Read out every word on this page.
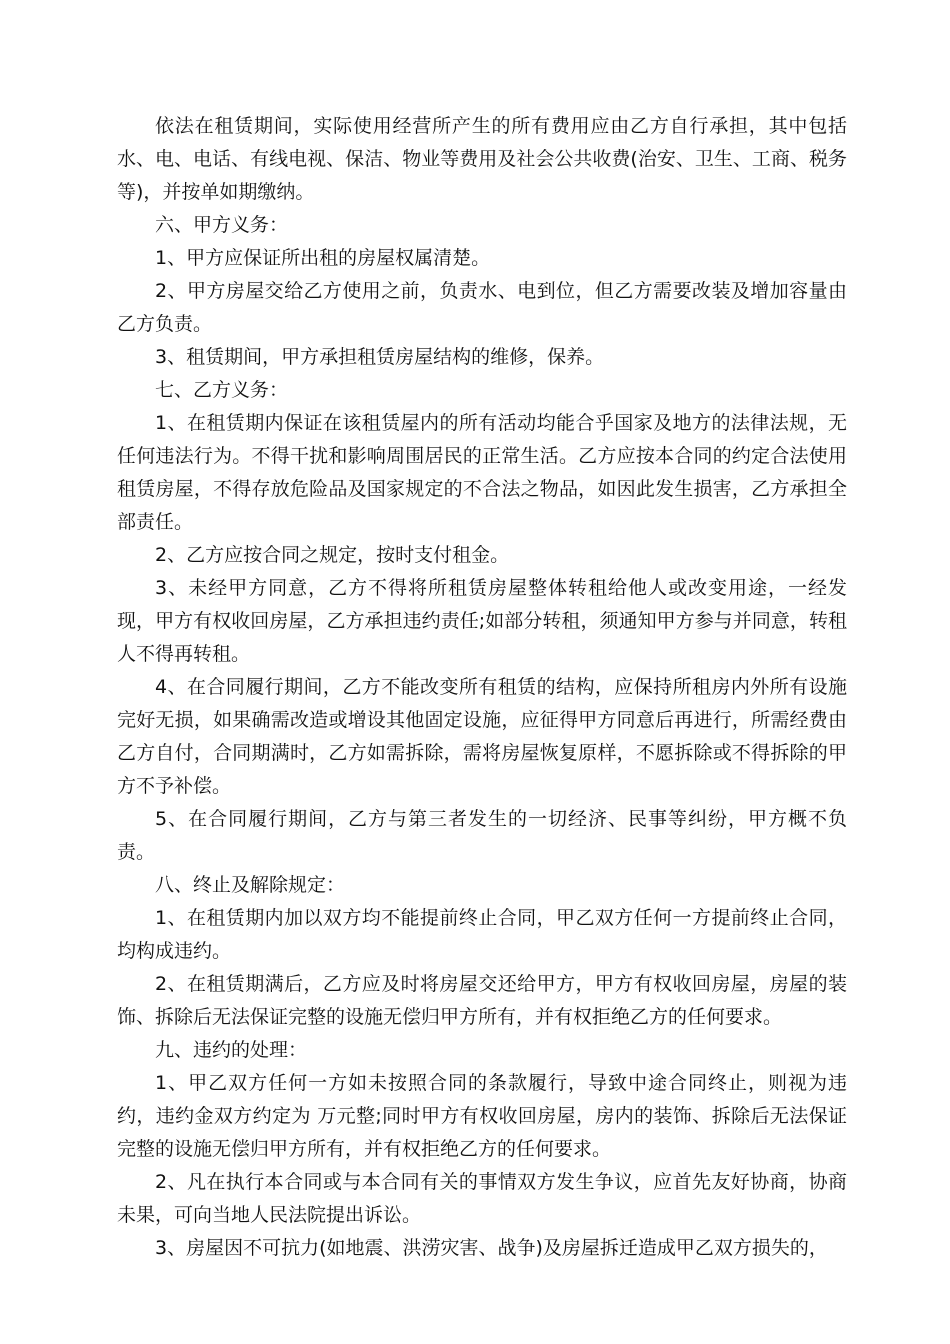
依法在租赁期间，实际使用经营所产生的所有费用应由乙方自行承担，其中包括水、电、电话、有线电视、保洁、物业等费用及社会公共收费(治安、卫生、工商、税务等)，并按单如期缴纳。

六、甲方义务：

1、甲方应保证所出租的房屋权属清楚。

2、甲方房屋交给乙方使用之前，负责水、电到位，但乙方需要改装及增加容量由乙方负责。

3、租赁期间，甲方承担租赁房屋结构的维修，保养。

七、乙方义务：

1、在租赁期内保证在该租赁屋内的所有活动均能合乎国家及地方的法律法规，无任何违法行为。不得干扰和影响周围居民的正常生活。乙方应按本合同的约定合法使用租赁房屋，不得存放危险品及国家规定的不合法之物品，如因此发生损害，乙方承担全部责任。

2、乙方应按合同之规定，按时支付租金。

3、未经甲方同意，乙方不得将所租赁房屋整体转租给他人或改变用途，一经发现，甲方有权收回房屋，乙方承担违约责任;如部分转租，须通知甲方参与并同意，转租人不得再转租。

4、在合同履行期间，乙方不能改变所有租赁的结构，应保持所租房内外所有设施完好无损，如果确需改造或增设其他固定设施，应征得甲方同意后再进行，所需经费由乙方自付，合同期满时，乙方如需拆除，需将房屋恢复原样，不愿拆除或不得拆除的甲方不予补偿。

5、在合同履行期间，乙方与第三者发生的一切经济、民事等纠纷，甲方概不负责。

八、终止及解除规定：

1、在租赁期内加以双方均不能提前终止合同，甲乙双方任何一方提前终止合同，均构成违约。

2、在租赁期满后，乙方应及时将房屋交还给甲方，甲方有权收回房屋，房屋的装饰、拆除后无法保证完整的设施无偿归甲方所有，并有权拒绝乙方的任何要求。

九、违约的处理：

1、甲乙双方任何一方如未按照合同的条款履行，导致中途合同终止，则视为违约，违约金双方约定为 万元整;同时甲方有权收回房屋，房内的装饰、拆除后无法保证完整的设施无偿归甲方所有，并有权拒绝乙方的任何要求。

2、凡在执行本合同或与本合同有关的事情双方发生争议，应首先友好协商，协商未果，可向当地人民法院提出诉讼。

3、房屋因不可抗力(如地震、洪涝灾害、战争)及房屋拆迁造成甲乙双方损失的，
